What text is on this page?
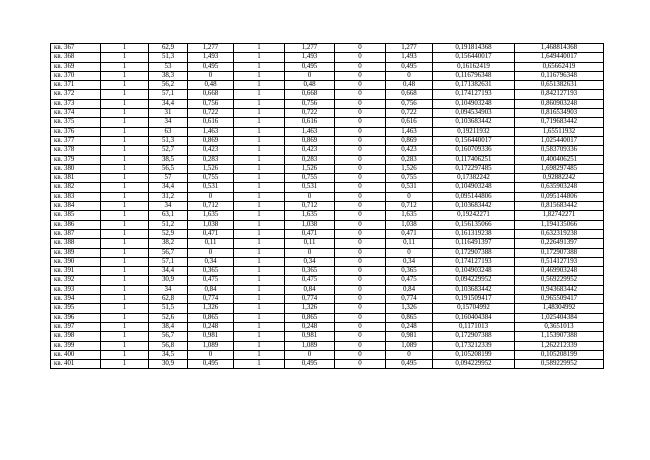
кв. 367	1	62,9	1,277	1	1,277	0	1,277	0,191814368	1,468814368
кв. 368	1	51,3	1,493	1	1,493	0	1,493	0,156440017	1,649440017
кв. 369	1	53	0,495	1	0,495	0	0,495	0,16162419	0,65662419
кв. 370	1	38,3	0	1	0	0	0	0,116796348	0,116796348
кв. 371	1	56,2	0,48	1	0,48	0	0,48	0,171382631	0,651382631
кв. 372	1	57,1	0,668	1	0,668	0	0,668	0,174127193	0,842127193
кв. 373	1	34,4	0,756	1	0,756	0	0,756	0,104903248	0,860903248
кв. 374	1	31	0,722	1	0,722	0	0,722	0,094534903	0,816534903
кв. 375	1	34	0,616	1	0,616	0	0,616	0,103683442	0,719683442
кв. 376	1	63	1,463	1	1,463	0	1,463	0,19211932	1,65511932
кв. 377	1	51,3	0,869	1	0,869	0	0,869	0,156440017	1,025440017
кв. 378	1	52,7	0,423	1	0,423	0	0,423	0,160709336	0,583709336
кв. 379	1	38,5	0,283	1	0,283	0	0,283	0,117406251	0,400406251
кв. 380	1	56,5	1,526	1	1,526	0	1,526	0,172297485	1,698297485
кв. 381	1	57	0,755	1	0,755	0	0,755	0,17382242	0,92882242
кв. 382	1	34,4	0,531	1	0,531	0	0,531	0,104903248	0,635903248
кв. 383	1	31,2	0	1	0	0	0	0,095144806	0,095144806
кв. 384	1	34	0,712	1	0,712	0	0,712	0,103683442	0,815683442
кв. 385	1	63,1	1,635	1	1,635	0	1,635	0,19242271	1,82742271
кв. 386	1	51,2	1,038	1	1,038	0	1,038	0,156135066	1,194135066
кв. 387	1	52,9	0,471	1	0,471	0	0,471	0,161319238	0,632319238
кв. 388	1	38,2	0,11	1	0,11	0	0,11	0,116491397	0,226491397
кв. 389	1	56,7	0	1	0	0	0	0,172907388	0,172907388
кв. 390	1	57,1	0,34	1	0,34	0	0,34	0,174127193	0,514127193
кв. 391	1	34,4	0,365	1	0,365	0	0,365	0,104903248	0,469903248
кв. 392	1	30,9	0,475	1	0,475	0	0,475	0,094229952	0,569229952
кв. 393	1	34	0,84	1	0,84	0	0,84	0,103683442	0,943683442
кв. 394	1	62,8	0,774	1	0,774	0	0,774	0,191509417	0,965509417
кв. 395	1	51,5	1,326	1	1,326	0	1,326	0,15704992	1,48304992
кв. 396	1	52,6	0,865	1	0,865	0	0,865	0,160404384	1,025404384
кв. 397	1	38,4	0,248	1	0,248	0	0,248	0,1171013	0,3651013
кв. 398	1	56,7	0,981	1	0,981	0	0,981	0,172907388	1,153907388
кв. 399	1	56,8	1,089	1	1,089	0	1,089	0,173212339	1,262212339
кв. 400	1	34,5	0	1	0	0	0	0,105208199	0,105208199
кв. 401	1	30,9	0,495	1	0,495	0	0,495	0,094229952	0,589229952
